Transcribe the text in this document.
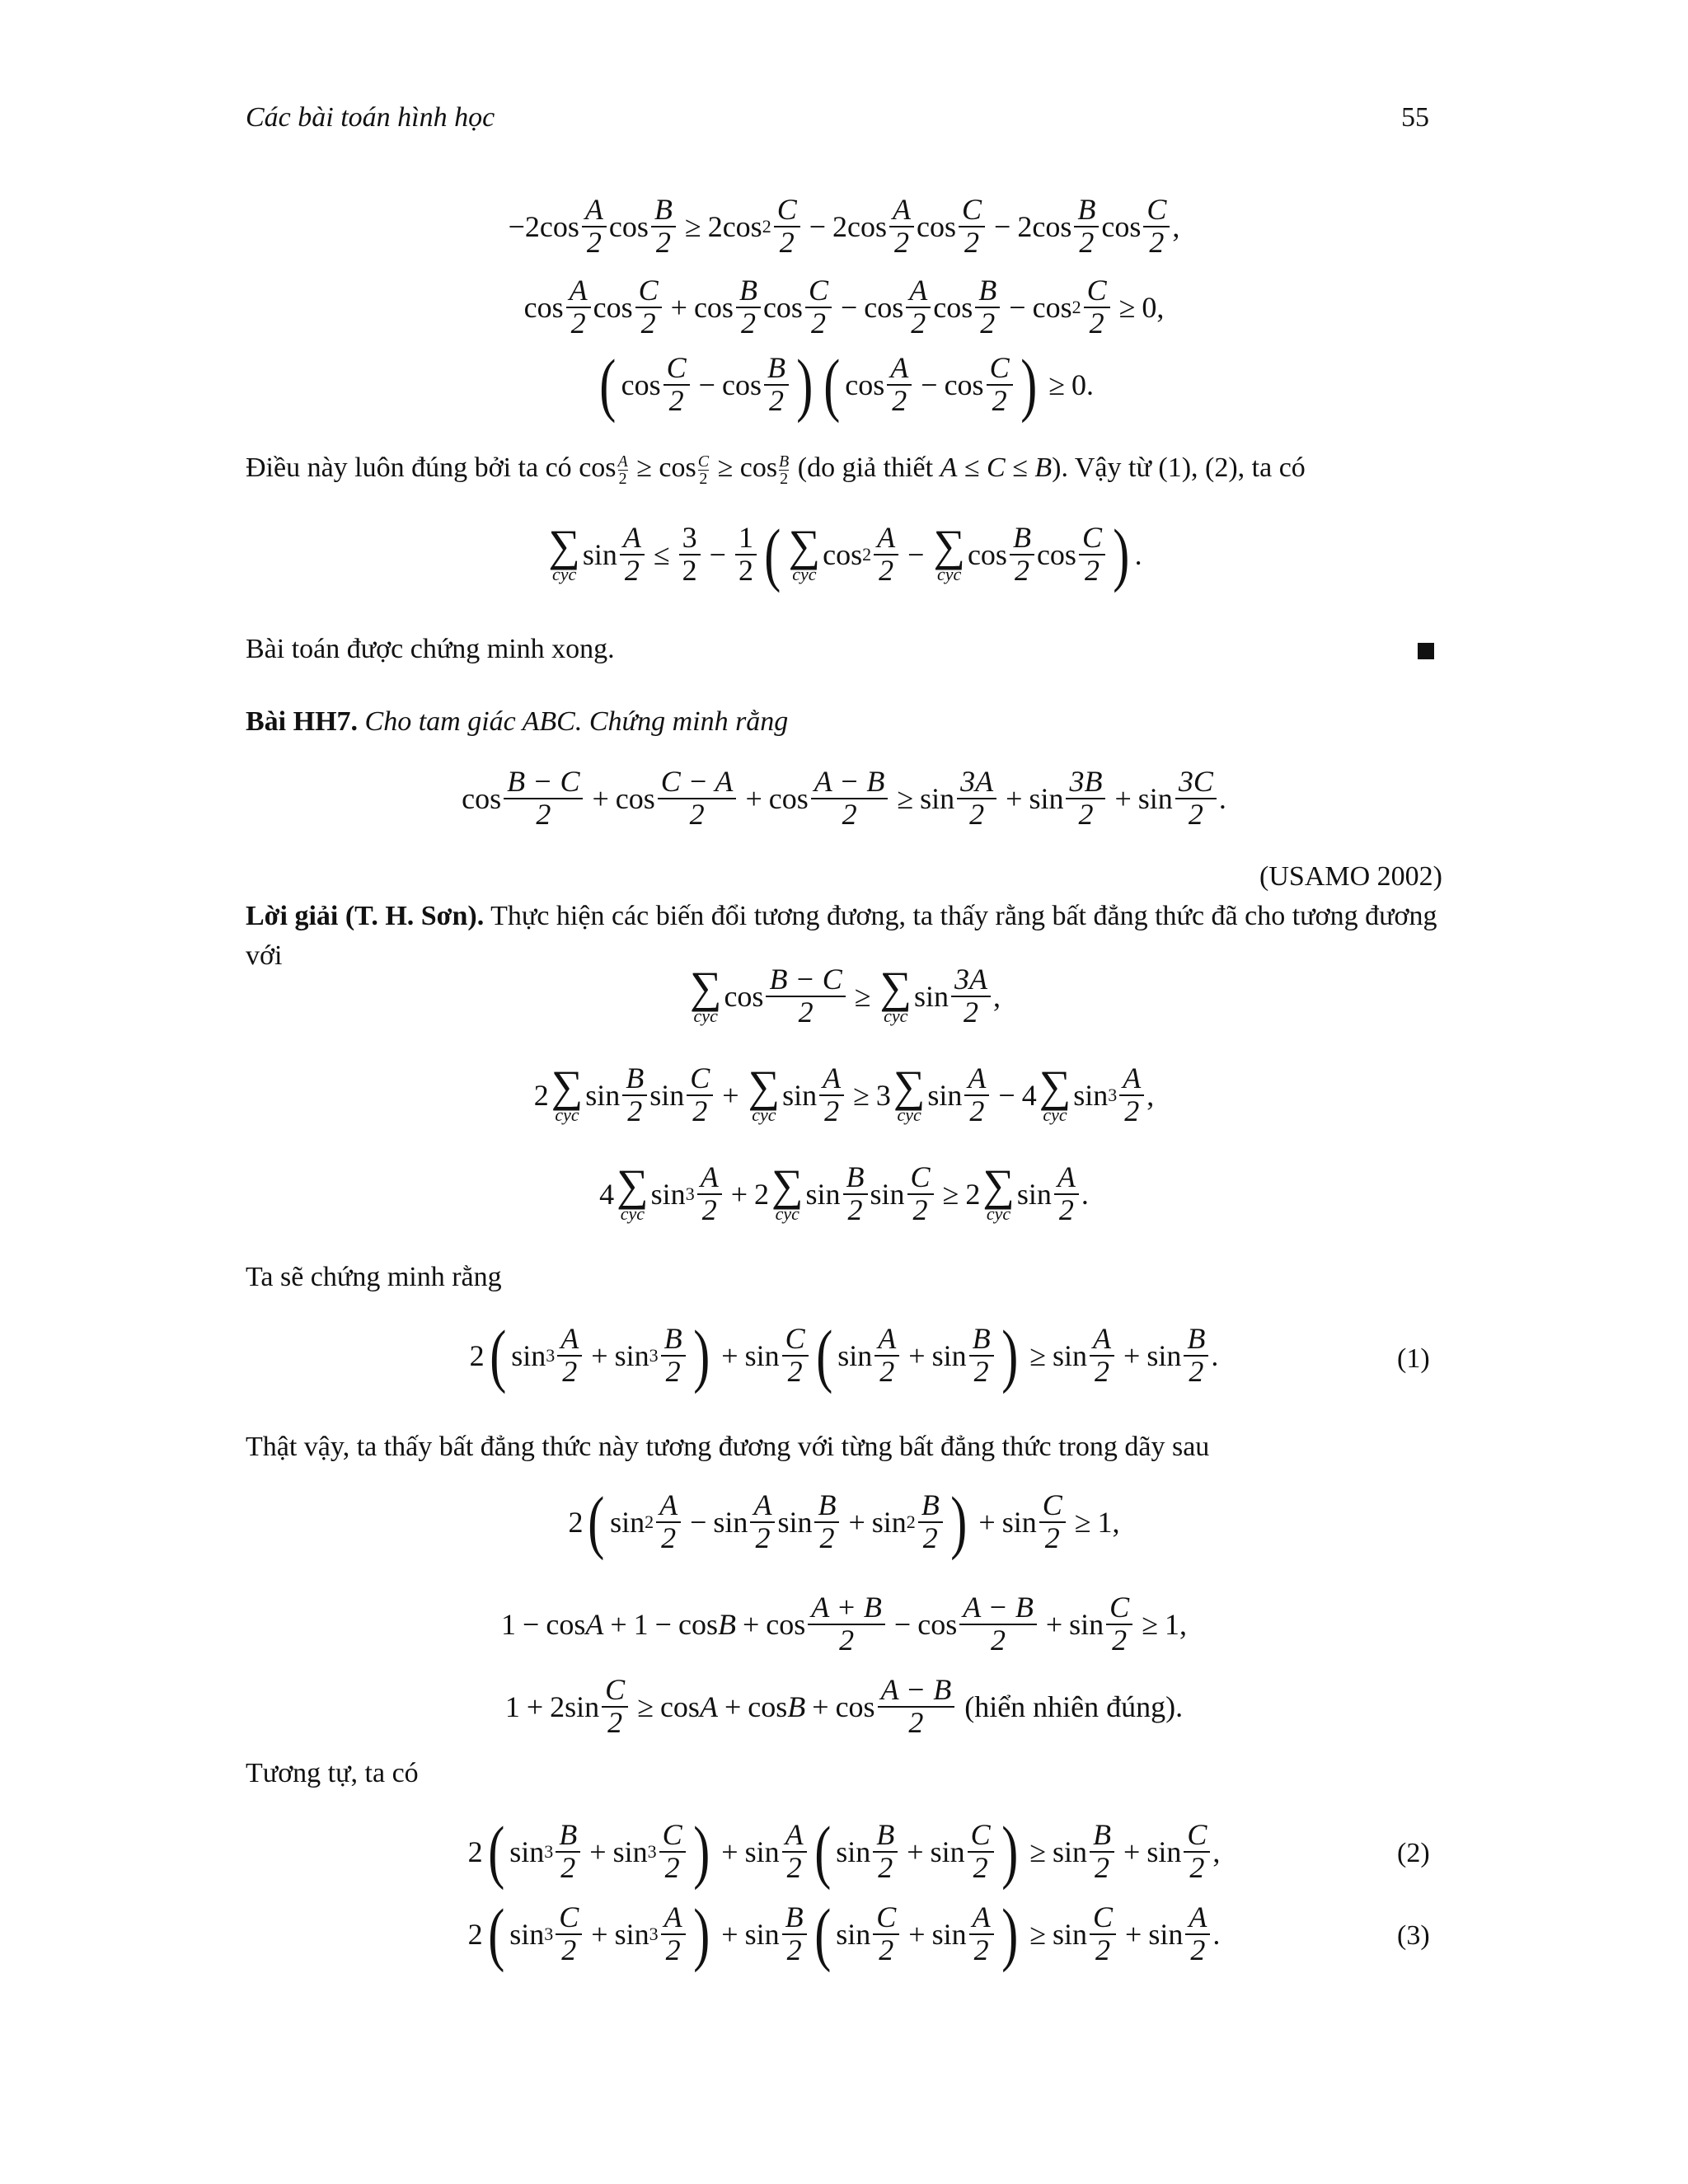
Các bài toán hình học	55
$-2\cos \frac{A}{2}$ $\cos \frac{B}{2} \ge 2\cos$ $2 \frac{C}{2} - 2\cos \frac{A}{2}$ $\cos \frac{C}{2} - 2\cos \frac{B}{2}$ $\cos \frac{C}{2}$ ,
$\cos \frac{A}{2}$ $\cos \frac{C}{2} + \cos \frac{B}{2}$ $\cos \frac{C}{2} - \cos \frac{A}{2}$ $\cos \frac{B}{2} - \cos 2 \frac{C}{2} \ge 0$,
( $\cos \frac{C}{2} - \cos \frac{B}{2}$ ) ( $\cos \frac{A}{2} - \cos \frac{C}{2}$ ) ≥ 0.
Điều này luôn đúng bởi ta có $\cos \frac{A}{2} \ge \cos \frac{C}{2} \ge \cos \frac{B}{2} (do$ giả thiết A ≤ C ≤ B). Vậy từ (1), (2), ta có
∑
cyc
$\sin \frac{A}{2} \le \frac{3}{2} - \frac{1}{2}$ ( ∑
cyc
$\cos 2 \frac{A}{2}$ − ∑
cyc
$\cos \frac{B}{2}$ $\cos \frac{C}{2}$ ) .
Bài toán được chứng minh xong.
Bài HH7. Cho tam giác ABC. Chứng minh rằng
$\cos \frac{B - C}{2} + \cos \frac{C - A}{2} + \cos \frac{A - B}{2} \ge \sin \frac{3A}{2} + \sin \frac{3B}{2} + \sin \frac{3C}{2}$ .
(USAMO 2002)
Lời giải (T. H. Sơn). Thực hiện các biến đổi tương đương, ta thấy rằng bất đẳng thức đã cho tương đương với
∑
cyc
$\cos \frac{B - C}{2}$ ≥ ∑
cyc
$\sin \frac{3A}{2}$ ,
2 ∑
cyc
$\sin \frac{B}{2}$ $\sin \frac{C}{2}$ + ∑
cyc
$\sin \frac{A}{2} \ge 3$ ∑
cyc
$\sin \frac{A}{2} - 4$ ∑
cyc
$\sin 3 \frac{A}{2}$ ,
4 ∑
cyc
$\sin 3 \frac{A}{2} + 2$ ∑
cyc
$\sin \frac{B}{2}$ $\sin \frac{C}{2} \ge 2$ ∑
cyc
$\sin \frac{A}{2}$ .
Ta sẽ chứng minh rằng
2 ( $\sin 3 \frac{A}{2} + \sin 3 \frac{B}{2}$ ) + $\sin \frac{C}{2}$ ( $\sin \frac{A}{2} + \sin \frac{B}{2}$ ) ≥ $\sin \frac{A}{2} + \sin \frac{B}{2}$ .	(1)
Thật vậy, ta thấy bất đẳng thức này tương đương với từng bất đẳng thức trong dãy sau
2 ( $\sin 2 \frac{A}{2} - \sin \frac{A}{2}$ $\sin \frac{B}{2} + \sin 2 \frac{B}{2}$ ) + $\sin \frac{C}{2} \ge 1$,
$1 - \cos A + 1 - \cos B + \cos \frac{A + B}{2} - \cos \frac{A - B}{2} + \sin \frac{C}{2} \ge 1$,
$1 + 2\sin \frac{C}{2} \ge \cos A + \cos B + \cos \frac{A - B}{2}$
(hiển nhiên đúng).
Tương tự, ta có
2 ( $\sin 3 \frac{B}{2} + \sin 3 \frac{C}{2}$ ) + $\sin \frac{A}{2}$ ( $\sin \frac{B}{2} + \sin \frac{C}{2}$ ) ≥ $\sin \frac{B}{2} + \sin \frac{C}{2}$ ,	(2)
2 ( $\sin 3 \frac{C}{2} + \sin 3 \frac{A}{2}$ ) + $\sin \frac{B}{2}$ ( $\sin \frac{C}{2} + \sin \frac{A}{2}$ ) ≥ $\sin \frac{C}{2} + \sin \frac{A}{2}$ .	(3)
